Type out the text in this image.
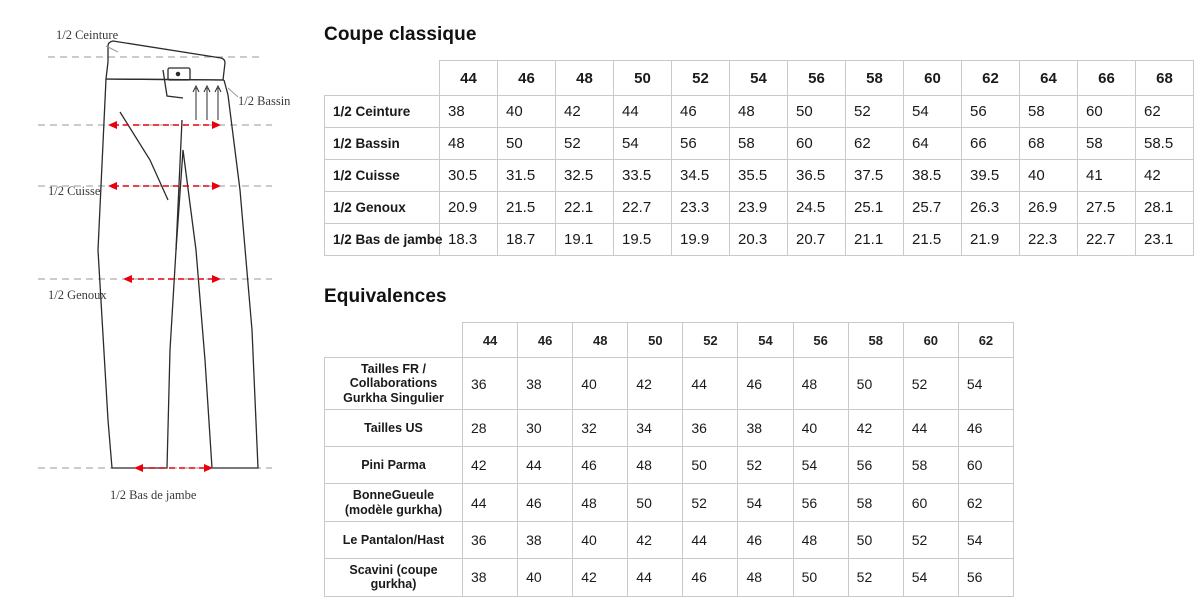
1/2 Ceinture
1/2 Bassin
1/2 Cuisse
1/2 Genoux
1/2 Bas de jambe
Coupe classique
	44	46	48	50	52	54	56	58	60	62	64	66	68
1/2 Ceinture	38	40	42	44	46	48	50	52	54	56	58	60	62
1/2 Bassin	48	50	52	54	56	58	60	62	64	66	68	58	58.5
1/2 Cuisse	30.5	31.5	32.5	33.5	34.5	35.5	36.5	37.5	38.5	39.5	40	41	42
1/2 Genoux	20.9	21.5	22.1	22.7	23.3	23.9	24.5	25.1	25.7	26.3	26.9	27.5	28.1
1/2 Bas de jambe	18.3	18.7	19.1	19.5	19.9	20.3	20.7	21.1	21.5	21.9	22.3	22.7	23.1
Equivalences
	44	46	48	50	52	54	56	58	60	62
Tailles FR / Collaborations Gurkha Singulier	36	38	40	42	44	46	48	50	52	54
Tailles US	28	30	32	34	36	38	40	42	44	46
Pini Parma	42	44	46	48	50	52	54	56	58	60
BonneGueule (modèle gurkha)	44	46	48	50	52	54	56	58	60	62
Le Pantalon/Hast	36	38	40	42	44	46	48	50	52	54
Scavini (coupe gurkha)	38	40	42	44	46	48	50	52	54	56
